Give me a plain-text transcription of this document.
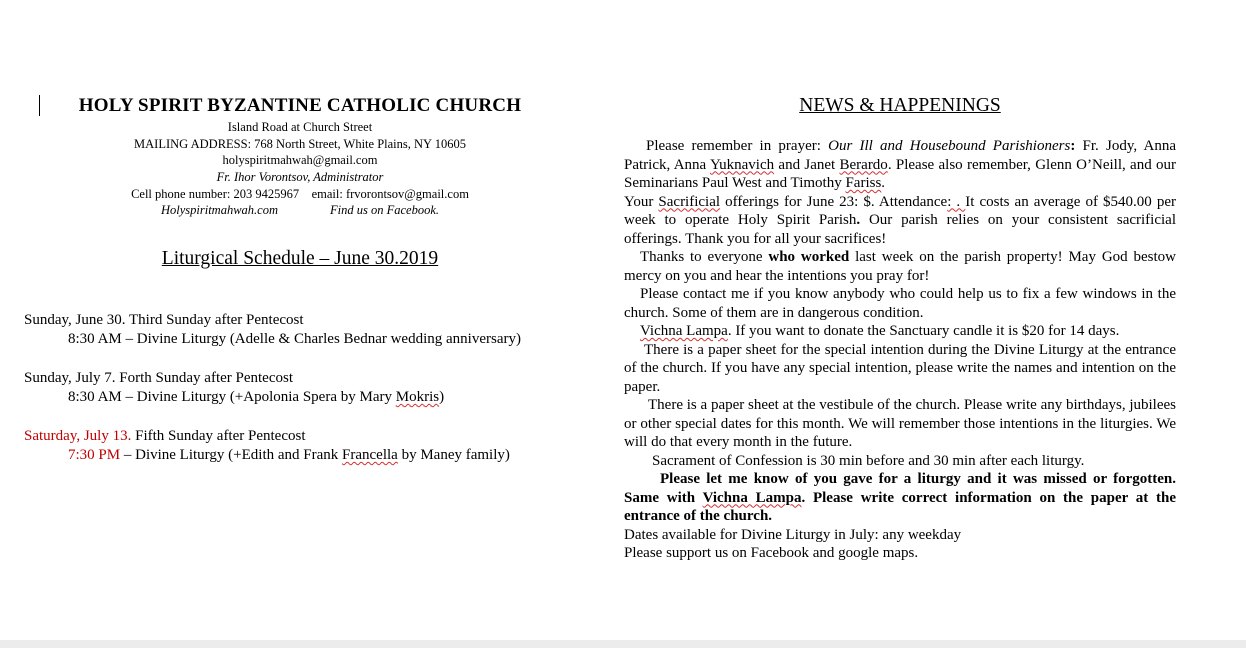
HOLY SPIRIT BYZANTINE CATHOLIC CHURCH
Island Road at Church Street
MAILING ADDRESS: 768 North Street, White Plains, NY 10605
holyspiritmahwah@gmail.com
Fr. Ihor Vorontsov, Administrator
Cell phone number: 203 9425967 email: frvorontsov@gmail.com
Holyspiritmahwah.com	Find us on Facebook.
Liturgical Schedule – June 30.2019
Sunday, June 30. Third Sunday after Pentecost
8:30 AM – Divine Liturgy (Adelle & Charles Bednar wedding anniversary)
Sunday, July 7. Forth Sunday after Pentecost
8:30 AM – Divine Liturgy (+Apolonia Spera by Mary Mokris)
Saturday, July 13. Fifth Sunday after Pentecost
7:30 PM – Divine Liturgy (+Edith and Frank Francella by Maney family)
NEWS & HAPPENINGS

Please remember in prayer: Our Ill and Housebound Parishioners: Fr. Jody, Anna Patrick, Anna Yuknavich and Janet Berardo. Please also remember, Glenn O’Neill, and our Seminarians Paul West and Timothy Fariss.

Your Sacrificial offerings for June 23: $. Attendance: . It costs an average of $540.00 per week to operate Holy Spirit Parish. Our parish relies on your consistent sacrificial offerings. Thank you for all your sacrifices!

Thanks to everyone who worked last week on the parish property! May God bestow mercy on you and hear the intentions you pray for!

Please contact me if you know anybody who could help us to fix a few windows in the church. Some of them are in dangerous condition.

Vichna Lampa. If you want to donate the Sanctuary candle it is $20 for 14 days.

There is a paper sheet for the special intention during the Divine Liturgy at the entrance of the church. If you have any special intention, please write the names and intention on the paper.

There is a paper sheet at the vestibule of the church. Please write any birthdays, jubilees or other special dates for this month. We will remember those intentions in the liturgies. We will do that every month in the future.

Sacrament of Confession is 30 min before and 30 min after each liturgy.

Please let me know of you gave for a liturgy and it was missed or forgotten. Same with Vichna Lampa. Please write correct information on the paper at the entrance of the church.

Dates available for Divine Liturgy in July: any weekday

Please support us on Facebook and google maps.
